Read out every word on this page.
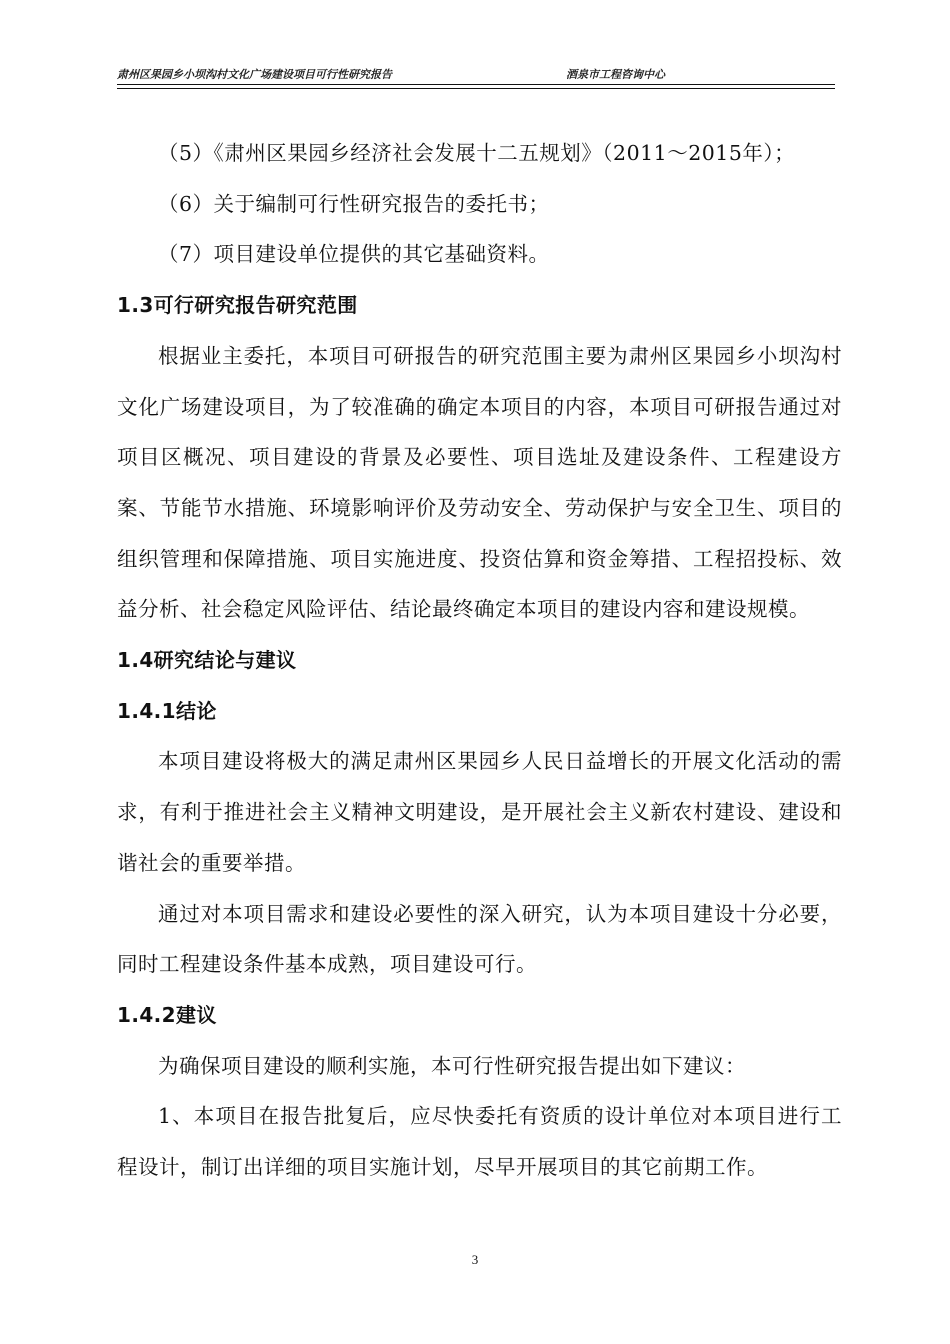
肃州区果园乡小坝沟村文化广场建设项目可行性研究报告	酒泉市工程咨询中心

（5）《肃州区果园乡经济社会发展十二五规划》（2011～2015年）；

（6）关于编制可行性研究报告的委托书；

（7）项目建设单位提供的其它基础资料。

1.3可行研究报告研究范围

根据业主委托，本项目可研报告的研究范围主要为肃州区果园乡小坝沟村文化广场建设项目，为了较准确的确定本项目的内容，本项目可研报告通过对项目区概况、项目建设的背景及必要性、项目选址及建设条件、工程建设方案、节能节水措施、环境影响评价及劳动安全、劳动保护与安全卫生、项目的组织管理和保障措施、项目实施进度、投资估算和资金筹措、工程招投标、效益分析、社会稳定风险评估、结论最终确定本项目的建设内容和建设规模。

1.4研究结论与建议

1.4.1结论

本项目建设将极大的满足肃州区果园乡人民日益增长的开展文化活动的需求，有利于推进社会主义精神文明建设，是开展社会主义新农村建设、建设和谐社会的重要举措。

通过对本项目需求和建设必要性的深入研究，认为本项目建设十分必要，同时工程建设条件基本成熟，项目建设可行。

1.4.2建议

为确保项目建设的顺利实施，本可行性研究报告提出如下建议：

1、本项目在报告批复后，应尽快委托有资质的设计单位对本项目进行工程设计，制订出详细的项目实施计划，尽早开展项目的其它前期工作。

3
